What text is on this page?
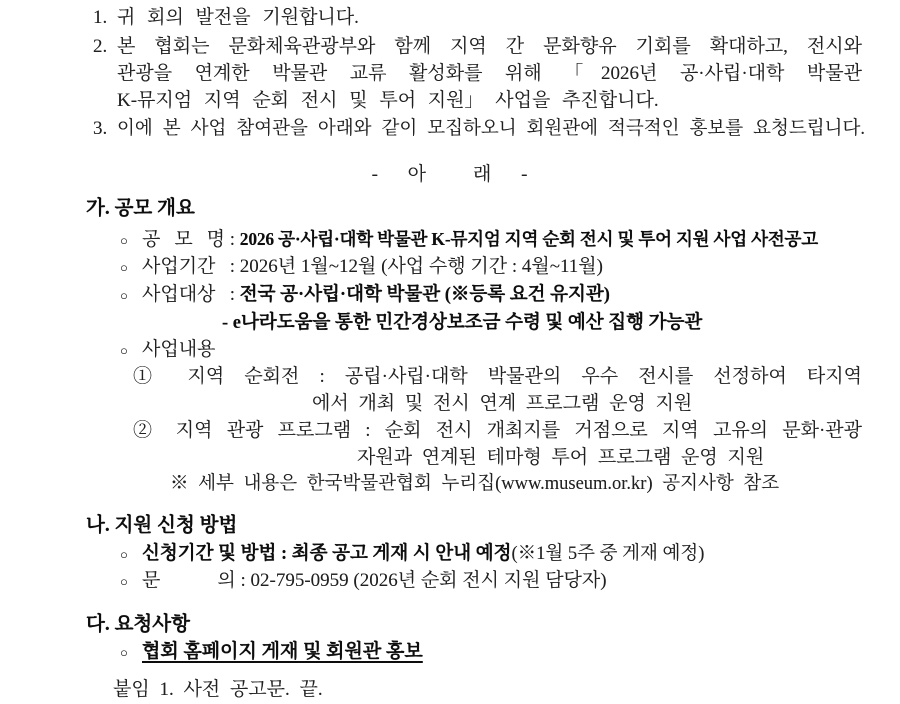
1. 귀 회의 발전을 기원합니다.
2. 본 협회는 문화체육관광부와 함께 지역 간 문화향유 기회를 확대하고, 전시와
관광을 연계한 박물관 교류 활성화를 위해 「2026년 공·사립·대학 박물관
K-뮤지엄 지역 순회 전시 및 투어 지원」 사업을 추진합니다.
3. 이에 본 사업 참여관을 아래와 같이 모집하오니 회원관에 적극적인 홍보를 요청드립니다.
-     아        래     -
가. 공모 개요
○ 공 모 명 : 2026 공·사립·대학 박물관 K-뮤지엄 지역 순회 전시 및 투어 지원 사업 사전공고
○ 사업기간 : 2026년 1월~12월 (사업 수행 기간 : 4월~11월)
○ 사업대상 : 전국 공·사립·대학 박물관 (※등록 요건 유지관)
- e나라도움을 통한 민간경상보조금 수령 및 예산 집행 가능관
○ 사업내용
① 지역 순회전 : 공립·사립·대학 박물관의 우수 전시를 선정하여 타지역
에서 개최 및 전시 연계 프로그램 운영 지원
② 지역 관광 프로그램 : 순회 전시 개최지를 거점으로 지역 고유의 문화·관광
자원과 연계된 테마형 투어 프로그램 운영 지원
※ 세부 내용은 한국박물관협회 누리집(www.museum.or.kr) 공지사항 참조
나. 지원 신청 방법
○ 신청기간 및 방법 : 최종 공고 게재 시 안내 예정 (※1월 5주 중 게재 예정)
○ 문            의 : 02-795-0959 (2026년 순회 전시 지원 담당자)
다. 요청사항
○ 협회 홈페이지 게재 및 회원관 홍보
붙임 1. 사전 공고문. 끝.
